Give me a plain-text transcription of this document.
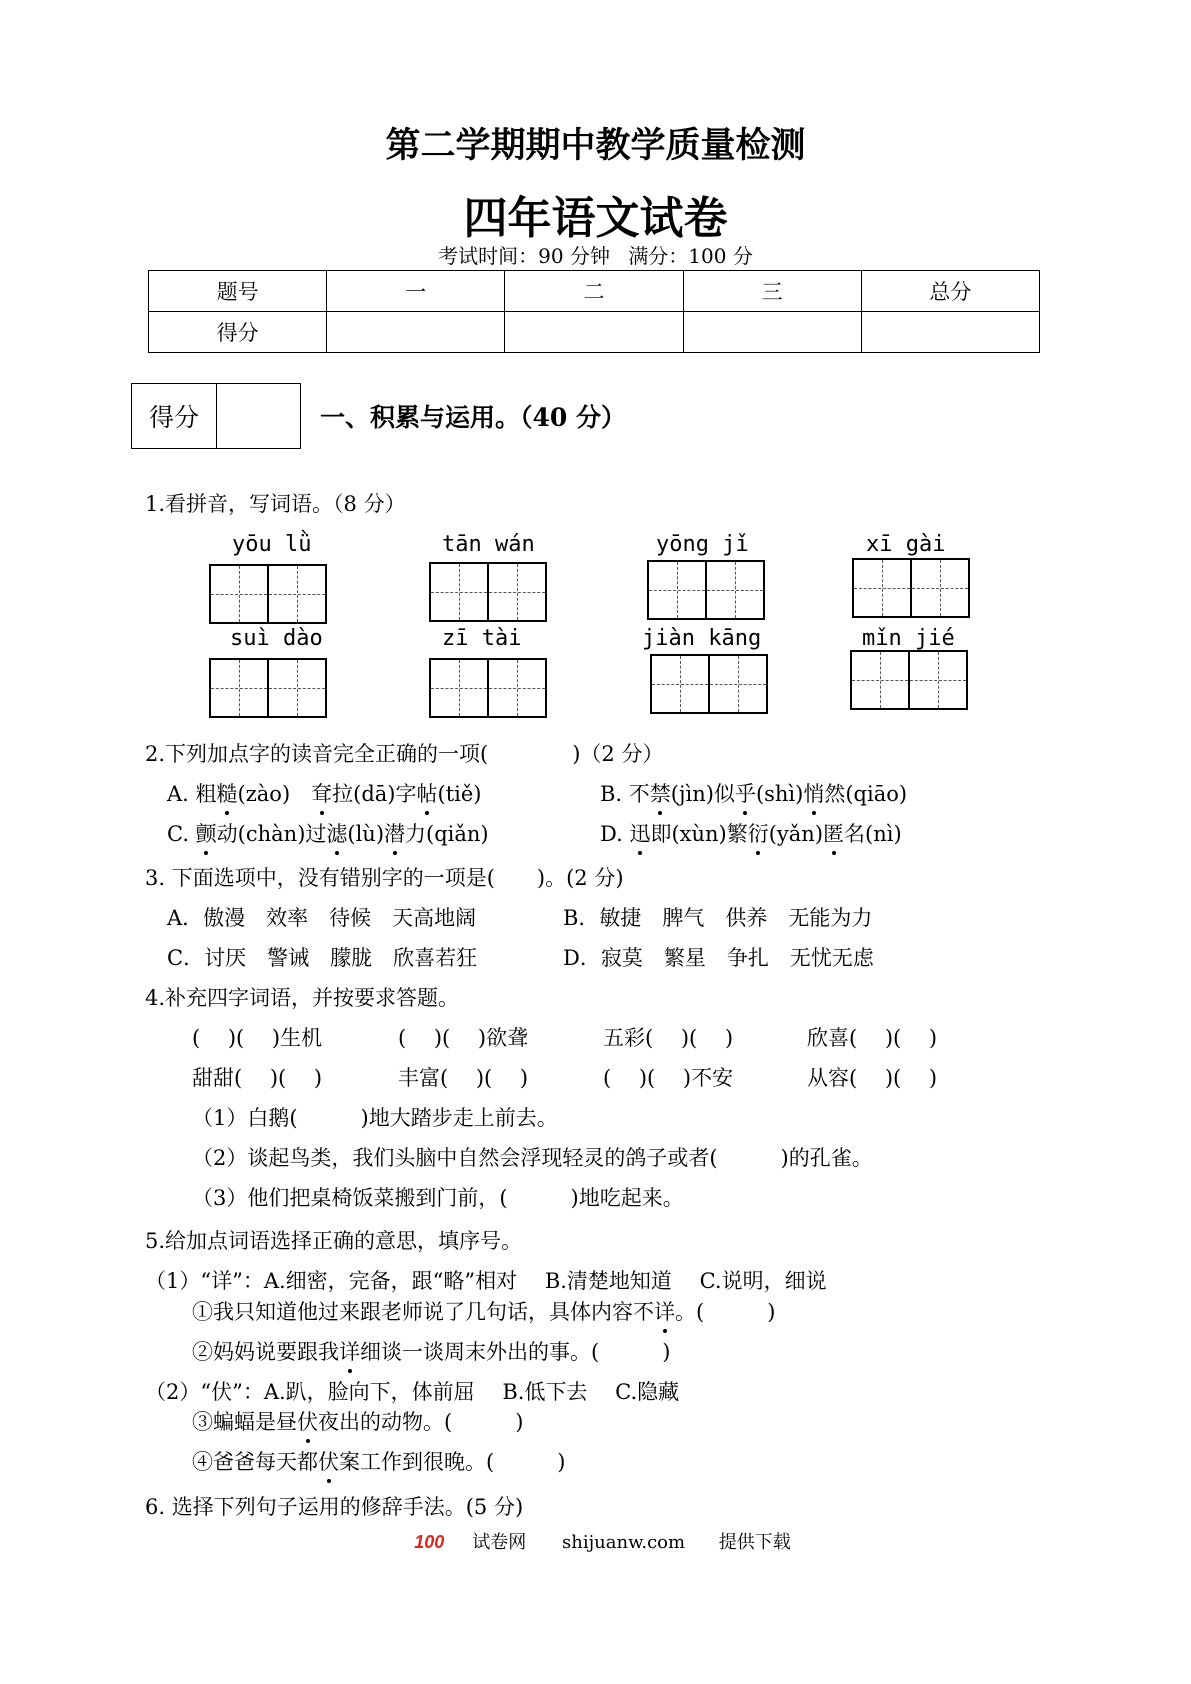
第二学期期中教学质量检测
四年语文试卷
考试时间：90 分钟 满分：100 分
题号	一	二	三	总分
得分				
得分	一、积累与运用。（40 分）
1.看拼音，写词语。（8 分）
yōu lǜ	tān wán	yōng jǐ	xī gài
suì dào	zī tài	jiàn kāng	mǐn jié
2.下列加点字的读音完全正确的一项(　　　　)（2 分）
A. 粗糙(zào)　耷拉(dā)字帖(tiě)	B. 不禁(jìn)似乎(shì)悄然(qiāo)
C. 颤动(chàn)过滤(lù)潜力(qiǎn)	D. 迅即(xùn)繁衍(yǎn)匿名(nì)
3. 下面选项中，没有错别字的一项是(　　)。(2 分)
A．傲漫　效率　待候　天高地阔	B．敏捷　脾气　供养　无能为力
C．讨厌　警诫　朦胧　欣喜若狂	D．寂莫　繁星　争扎　无忧无虑
4.补充四字词语，并按要求答题。
(　 )(　 )生机	(　 )(　 )欲聋	五彩(　 )(　 )	欣喜(　 )(　 )
甜甜(　 )(　 )	丰富(　 )(　 )	(　 )(　 )不安	从容(　 )(　 )
（1）白鹅(　　　)地大踏步走上前去。
（2）谈起鸟类，我们头脑中自然会浮现轻灵的鸽子或者(　　　)的孔雀。
（3）他们把桌椅饭菜搬到门前，(　　　)地吃起来。
5.给加点词语选择正确的意思，填序号。
（1）“详”：A.细密，完备，跟“略”相对　 B.清楚地知道　 C.说明，细说
①我只知道他过来跟老师说了几句话，具体内容不详。(　　　)
②妈妈说要跟我详细谈一谈周末外出的事。(　　　)
（2）“伏”：A.趴，脸向下，体前屈　 B.低下去　 C.隐藏
③蝙蝠是昼伏夜出的动物。(　　　)
④爸爸每天都伏案工作到很晚。(　　　)
6. 选择下列句子运用的修辞手法。(5 分)
100 试卷网 shijuanw.com 提供下载
